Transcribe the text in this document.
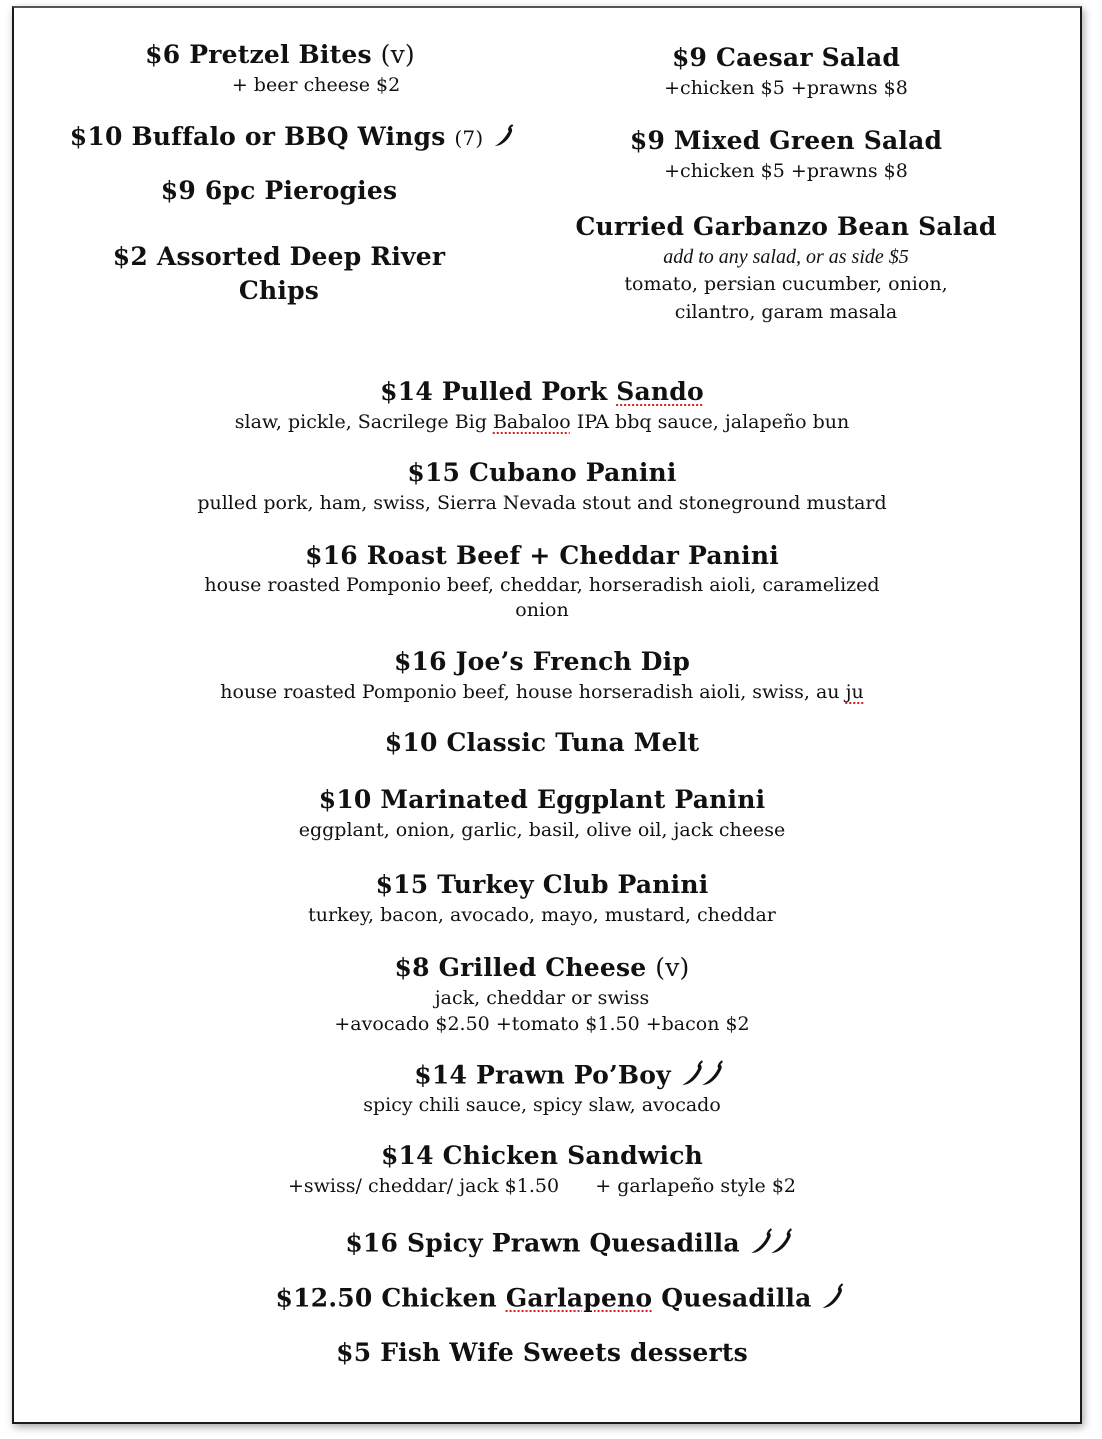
$6 Pretzel Bites (v)
+ beer cheese $2
$10 Buffalo or BBQ Wings (7)
$9 6pc Pierogies
$2 Assorted Deep River
Chips
$9 Caesar Salad
+chicken $5 +prawns $8
$9 Mixed Green Salad
+chicken $5 +prawns $8
Curried Garbanzo Bean Salad
add to any salad, or as side $5
tomato, persian cucumber, onion,
cilantro, garam masala
$14 Pulled Pork Sando
slaw, pickle, Sacrilege Big Babaloo IPA bbq sauce, jalapeño bun
$15 Cubano Panini
pulled pork, ham, swiss, Sierra Nevada stout and stoneground mustard
$16 Roast Beef + Cheddar Panini
house roasted Pomponio beef, cheddar, horseradish aioli, caramelized
onion
$16 Joe’s French Dip
house roasted Pomponio beef, house horseradish aioli, swiss, au ju
$10 Classic Tuna Melt
$10 Marinated Eggplant Panini
eggplant, onion, garlic, basil, olive oil, jack cheese
$15 Turkey Club Panini
turkey, bacon, avocado, mayo, mustard, cheddar
$8 Grilled Cheese (v)
jack, cheddar or swiss
+avocado $2.50 +tomato $1.50 +bacon $2
$14 Prawn Po’Boy
spicy chili sauce, spicy slaw, avocado
$14 Chicken Sandwich
+swiss/ cheddar/ jack $1.50      + garlapeño style $2
$16 Spicy Prawn Quesadilla
$12.50 Chicken Garlapeno Quesadilla
$5 Fish Wife Sweets desserts
